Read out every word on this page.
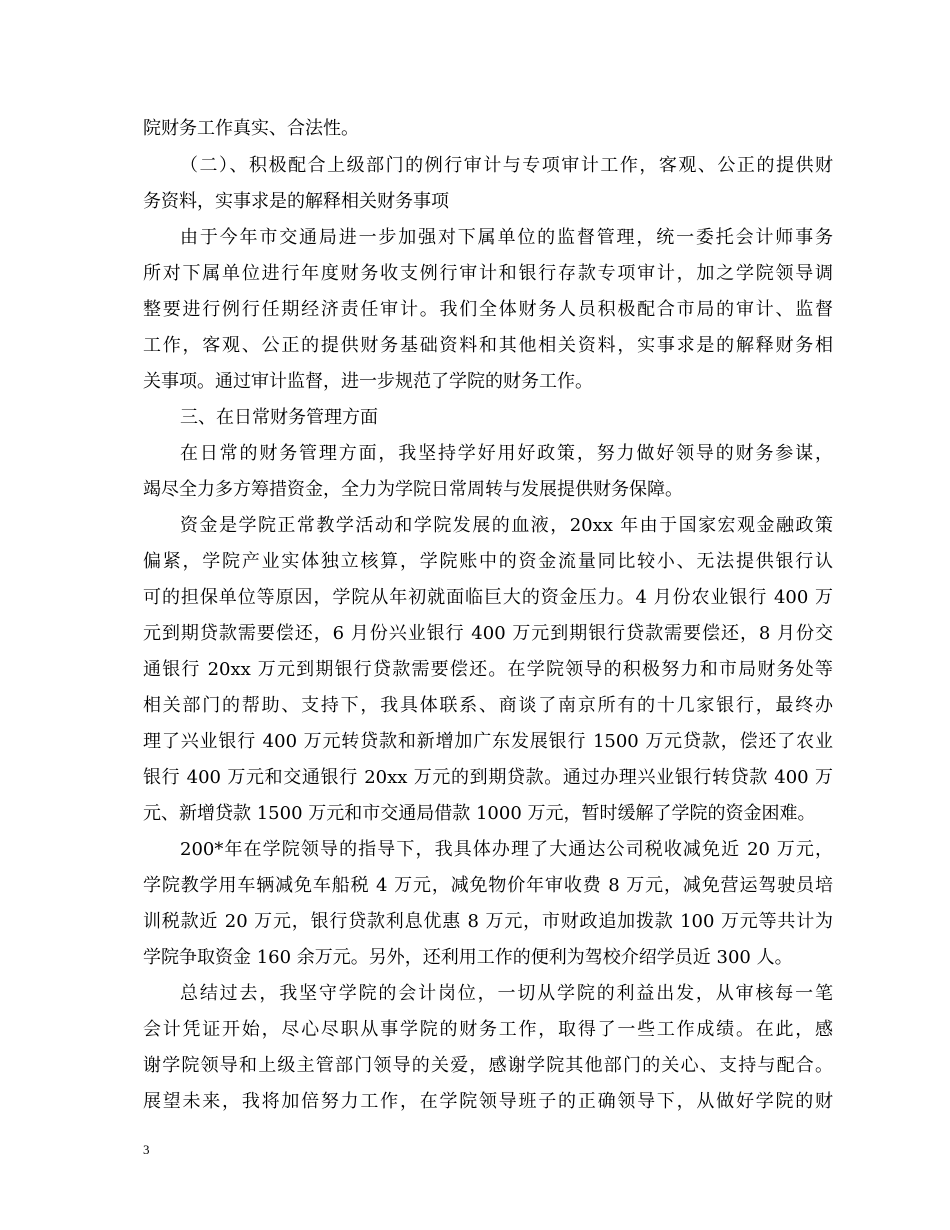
院财务工作真实、合法性。
（二）、积极配合上级部门的例行审计与专项审计工作，客观、公正的提供财
务资料，实事求是的解释相关财务事项
由于今年市交通局进一步加强对下属单位的监督管理，统一委托会计师事务
所对下属单位进行年度财务收支例行审计和银行存款专项审计，加之学院领导调
整要进行例行任期经济责任审计。我们全体财务人员积极配合市局的审计、监督
工作，客观、公正的提供财务基础资料和其他相关资料，实事求是的解释财务相
关事项。通过审计监督，进一步规范了学院的财务工作。
三、在日常财务管理方面
在日常的财务管理方面，我坚持学好用好政策，努力做好领导的财务参谋，
竭尽全力多方筹措资金，全力为学院日常周转与发展提供财务保障。
资金是学院正常教学活动和学院发展的血液，20xx 年由于国家宏观金融政策
偏紧，学院产业实体独立核算，学院账中的资金流量同比较小、无法提供银行认
可的担保单位等原因，学院从年初就面临巨大的资金压力。4 月份农业银行 400 万
元到期贷款需要偿还，6 月份兴业银行 400 万元到期银行贷款需要偿还，8 月份交
通银行 20xx 万元到期银行贷款需要偿还。在学院领导的积极努力和市局财务处等
相关部门的帮助、支持下，我具体联系、商谈了南京所有的十几家银行，最终办
理了兴业银行 400 万元转贷款和新增加广东发展银行 1500 万元贷款，偿还了农业
银行 400 万元和交通银行 20xx 万元的到期贷款。通过办理兴业银行转贷款 400 万
元、新增贷款 1500 万元和市交通局借款 1000 万元，暂时缓解了学院的资金困难。
200*年在学院领导的指导下，我具体办理了大通达公司税收减免近 20 万元，
学院教学用车辆减免车船税 4 万元，减免物价年审收费 8 万元，减免营运驾驶员培
训税款近 20 万元，银行贷款利息优惠 8 万元，市财政追加拨款 100 万元等共计为
学院争取资金 160 余万元。另外，还利用工作的便利为驾校介绍学员近 300 人。
总结过去，我坚守学院的会计岗位，一切从学院的利益出发，从审核每一笔
会计凭证开始，尽心尽职从事学院的财务工作，取得了一些工作成绩。在此，感
谢学院领导和上级主管部门领导的关爱，感谢学院其他部门的关心、支持与配合。
展望未来，我将加倍努力工作，在学院领导班子的正确领导下，从做好学院的财
3
